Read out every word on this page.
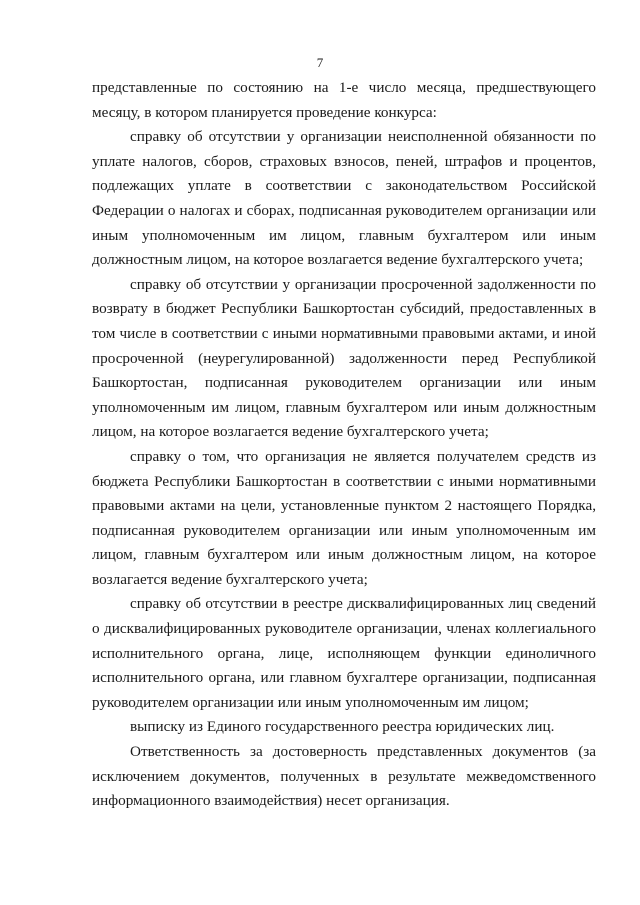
7

представленные по состоянию на 1-е число месяца, предшествующего месяцу, в котором планируется проведение конкурса:

справку об отсутствии у организации неисполненной обязанности по уплате налогов, сборов, страховых взносов, пеней, штрафов и процентов, подлежащих уплате в соответствии с законодательством Российской Федерации о налогах и сборах, подписанная руководителем организации или иным уполномоченным им лицом, главным бухгалтером или иным должностным лицом, на которое возлагается ведение бухгалтерского учета;

справку об отсутствии у организации просроченной задолженности по возврату в бюджет Республики Башкортостан субсидий, предоставленных в том числе в соответствии с иными нормативными правовыми актами, и иной просроченной (неурегулированной) задолженности перед Республикой Башкортостан, подписанная руководителем организации или иным уполномоченным им лицом, главным бухгалтером или иным должностным лицом, на которое возлагается ведение бухгалтерского учета;

справку о том, что организация не является получателем средств из бюджета Республики Башкортостан в соответствии с иными нормативными правовыми актами на цели, установленные пунктом 2 настоящего Порядка, подписанная руководителем организации или иным уполномоченным им лицом, главным бухгалтером или иным должностным лицом, на которое возлагается ведение бухгалтерского учета;

справку об отсутствии в реестре дисквалифицированных лиц сведений о дисквалифицированных руководителе организации, членах коллегиального исполнительного органа, лице, исполняющем функции единоличного исполнительного органа, или главном бухгалтере организации, подписанная руководителем организации или иным уполномоченным им лицом;

выписку из Единого государственного реестра юридических лиц.

Ответственность за достоверность представленных документов (за исключением документов, полученных в результате межведомственного информационного взаимодействия) несет организация.
